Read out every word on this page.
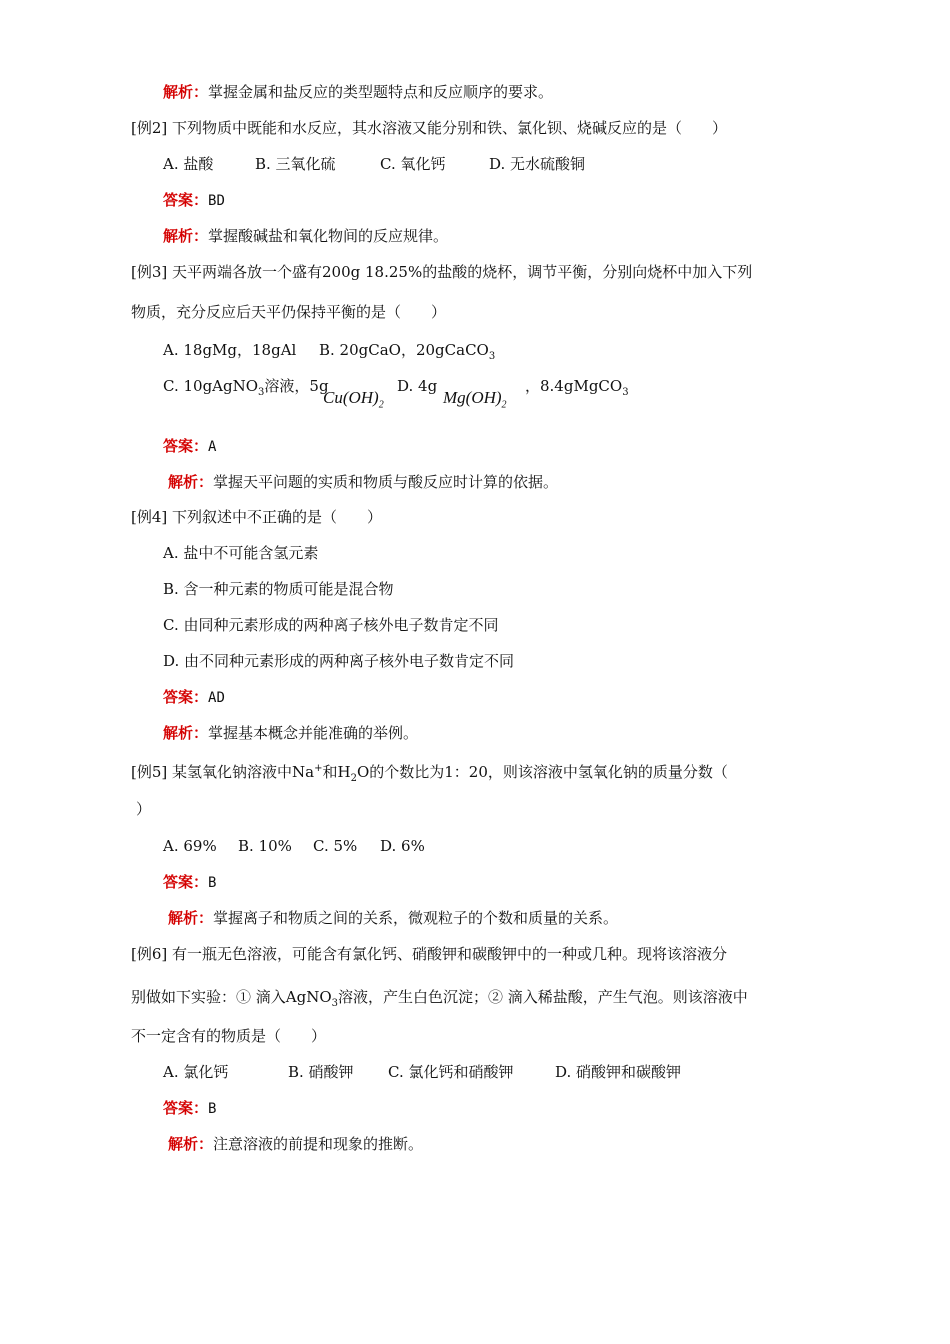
解析：掌握金属和盐反应的类型题特点和反应顺序的要求。
[例2] 下列物质中既能和水反应，其水溶液又能分别和铁、氯化钡、烧碱反应的是（　　）
A. 盐酸	B. 三氧化硫	C. 氧化钙	D. 无水硫酸铜
答案：BD
解析：掌握酸碱盐和氧化物间的反应规律。
[例3] 天平两端各放一个盛有200g 18.25%的盐酸的烧杯，调节平衡，分别向烧杯中加入下列
物质，充分反应后天平仍保持平衡的是（　　）
A. 18gMg，18gAl B. 20gCaO，20gCaCO$_3$
C. 10gAgNO$_3$溶液，5g
$Cu(OH)_2$
D. 4g
$Mg(OH)_2$
，8.4gMgCO$_3$
答案：A
解析：掌握天平问题的实质和物质与酸反应时计算的依据。
[例4] 下列叙述中不正确的是（　　）
A. 盐中不可能含氢元素
B. 含一种元素的物质可能是混合物
C. 由同种元素形成的两种离子核外电子数肯定不同
D. 由不同种元素形成的两种离子核外电子数肯定不同
答案：AD
解析：掌握基本概念并能准确的举例。
[例5] 某氢氧化钠溶液中Na+和$H_2O$的个数比为1：20，则该溶液中氢氧化钠的质量分数（
）
A. 69% B. 10% C. 5% D. 6%
答案：B
解析：掌握离子和物质之间的关系，微观粒子的个数和质量的关系。
[例6] 有一瓶无色溶液，可能含有氯化钙、硝酸钾和碳酸钾中的一种或几种。现将该溶液分
别做如下实验：① 滴入AgNO$_3$溶液，产生白色沉淀；② 滴入稀盐酸，产生气泡。则该溶液中
不一定含有的物质是（　　）
A. 氯化钙	B. 硝酸钾 C. 氯化钙和硝酸钾	D. 硝酸钾和碳酸钾
答案：B
解析：注意溶液的前提和现象的推断。
